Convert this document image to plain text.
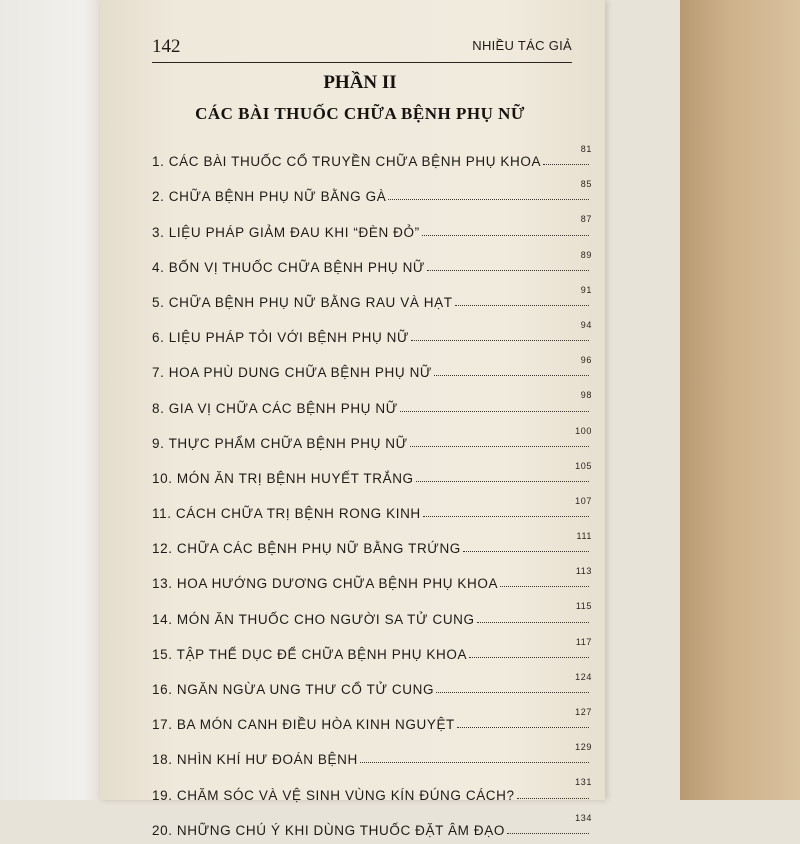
142	NHIỀU TÁC GIẢ
PHẦN II
CÁC BÀI THUỐC CHỮA BỆNH PHỤ NỮ
1. CÁC BÀI THUỐC CỔ TRUYỀN CHỮA BỆNH PHỤ KHOA
81
2. CHỮA BỆNH PHỤ NỮ BẰNG GÀ
85
3. LIỆU PHÁP GIẢM ĐAU KHI “ĐÈN ĐỎ”
87
4. BỐN VỊ THUỐC CHỮA BỆNH PHỤ NỮ
89
5. CHỮA BỆNH PHỤ NỮ BẰNG RAU VÀ HẠT
91
6. LIỆU PHÁP TỎI VỚI BỆNH PHỤ NỮ
94
7. HOA PHÙ DUNG CHỮA BỆNH PHỤ NỮ
96
8. GIA VỊ CHỮA CÁC BỆNH PHỤ NỮ
98
9. THỰC PHẨM CHỮA BỆNH PHỤ NỮ
100
10. MÓN ĂN TRỊ BỆNH HUYẾT TRẮNG
105
11. CÁCH CHỮA TRỊ BỆNH RONG KINH
107
12. CHỮA CÁC BỆNH PHỤ NỮ BẰNG TRỨNG
111
13. HOA HƯỚNG DƯƠNG CHỮA BỆNH PHỤ KHOA
113
14. MÓN ĂN THUỐC CHO NGƯỜI SA TỬ CUNG
115
15. TẬP THỂ DỤC ĐỂ CHỮA BỆNH PHỤ KHOA
117
16. NGĂN NGỪA UNG THƯ CỔ TỬ CUNG
124
17. BA MÓN CANH ĐIỀU HÒA KINH NGUYỆT
127
18. NHÌN KHÍ HƯ ĐOÁN BỆNH
129
19. CHĂM SÓC VÀ VỆ SINH VÙNG KÍN ĐÚNG CÁCH?
131
20. NHỮNG CHÚ Ý KHI DÙNG THUỐC ĐẶT ÂM ĐẠO
134
